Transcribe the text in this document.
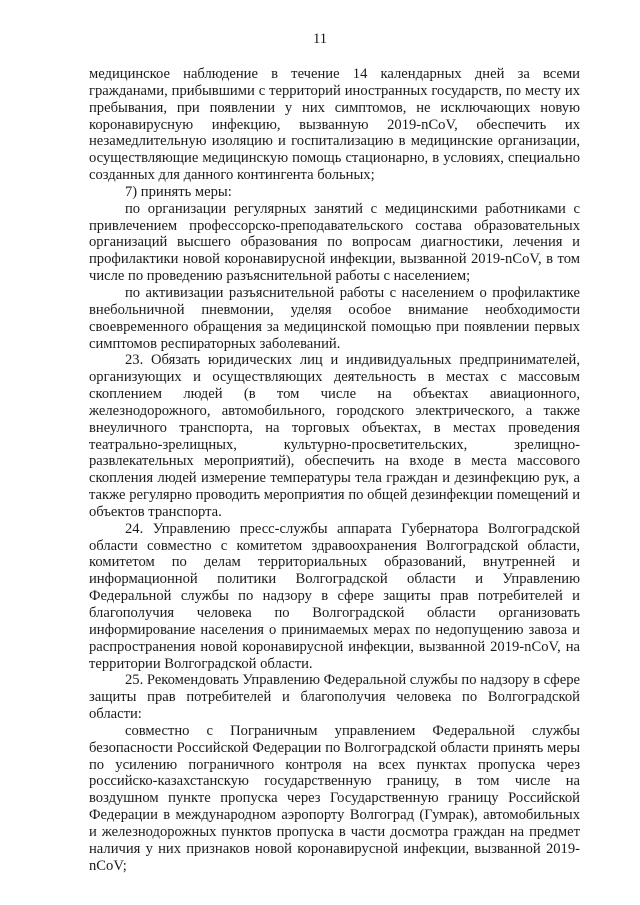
11

медицинское наблюдение в течение 14 календарных дней за всеми гражданами, прибывшими с территорий иностранных государств, по месту их пребывания, при появлении у них симптомов, не исключающих новую коронавирусную инфекцию, вызванную 2019-nCoV, обеспечить их незамедлительную изоляцию и госпитализацию в медицинские организации, осуществляющие медицинскую помощь стационарно, в условиях, специально созданных для данного контингента больных;

7) принять меры:

по организации регулярных занятий с медицинскими работниками с привлечением профессорско-преподавательского состава образовательных организаций высшего образования по вопросам диагностики, лечения и профилактики новой коронавирусной инфекции, вызванной 2019-nCoV, в том числе по проведению разъяснительной работы с населением;

по активизации разъяснительной работы с населением о профилактике внебольничной пневмонии, уделяя особое внимание необходимости своевременного обращения за медицинской помощью при появлении первых симптомов респираторных заболеваний.

23. Обязать юридических лиц и индивидуальных предпринимателей, организующих и осуществляющих деятельность в местах с массовым скоплением людей (в том числе на объектах авиационного, железнодорожного, автомобильного, городского электрического, а также внеуличного транспорта, на торговых объектах, в местах проведения театрально-зрелищных, культурно-просветительских, зрелищно-развлекательных мероприятий), обеспечить на входе в места массового скопления людей измерение температуры тела граждан и дезинфекцию рук, а также регулярно проводить мероприятия по общей дезинфекции помещений и объектов транспорта.

24. Управлению пресс-службы аппарата Губернатора Волгоградской области совместно с комитетом здравоохранения Волгоградской области, комитетом по делам территориальных образований, внутренней и информационной политики Волгоградской области и Управлению Федеральной службы по надзору в сфере защиты прав потребителей и благополучия человека по Волгоградской области организовать информирование населения о принимаемых мерах по недопущению завоза и распространения новой коронавирусной инфекции, вызванной 2019-nCoV, на территории Волгоградской области.

25. Рекомендовать Управлению Федеральной службы по надзору в сфере защиты прав потребителей и благополучия человека по Волгоградской области:

совместно с Пограничным управлением Федеральной службы безопасности Российской Федерации по Волгоградской области принять меры по усилению пограничного контроля на всех пунктах пропуска через российско-казахстанскую государственную границу, в том числе на воздушном пункте пропуска через Государственную границу Российской Федерации в международном аэропорту Волгоград (Гумрак), автомобильных и железнодорожных пунктов пропуска в части досмотра граждан на предмет наличия у них признаков новой коронавирусной инфекции, вызванной 2019-nCoV;
